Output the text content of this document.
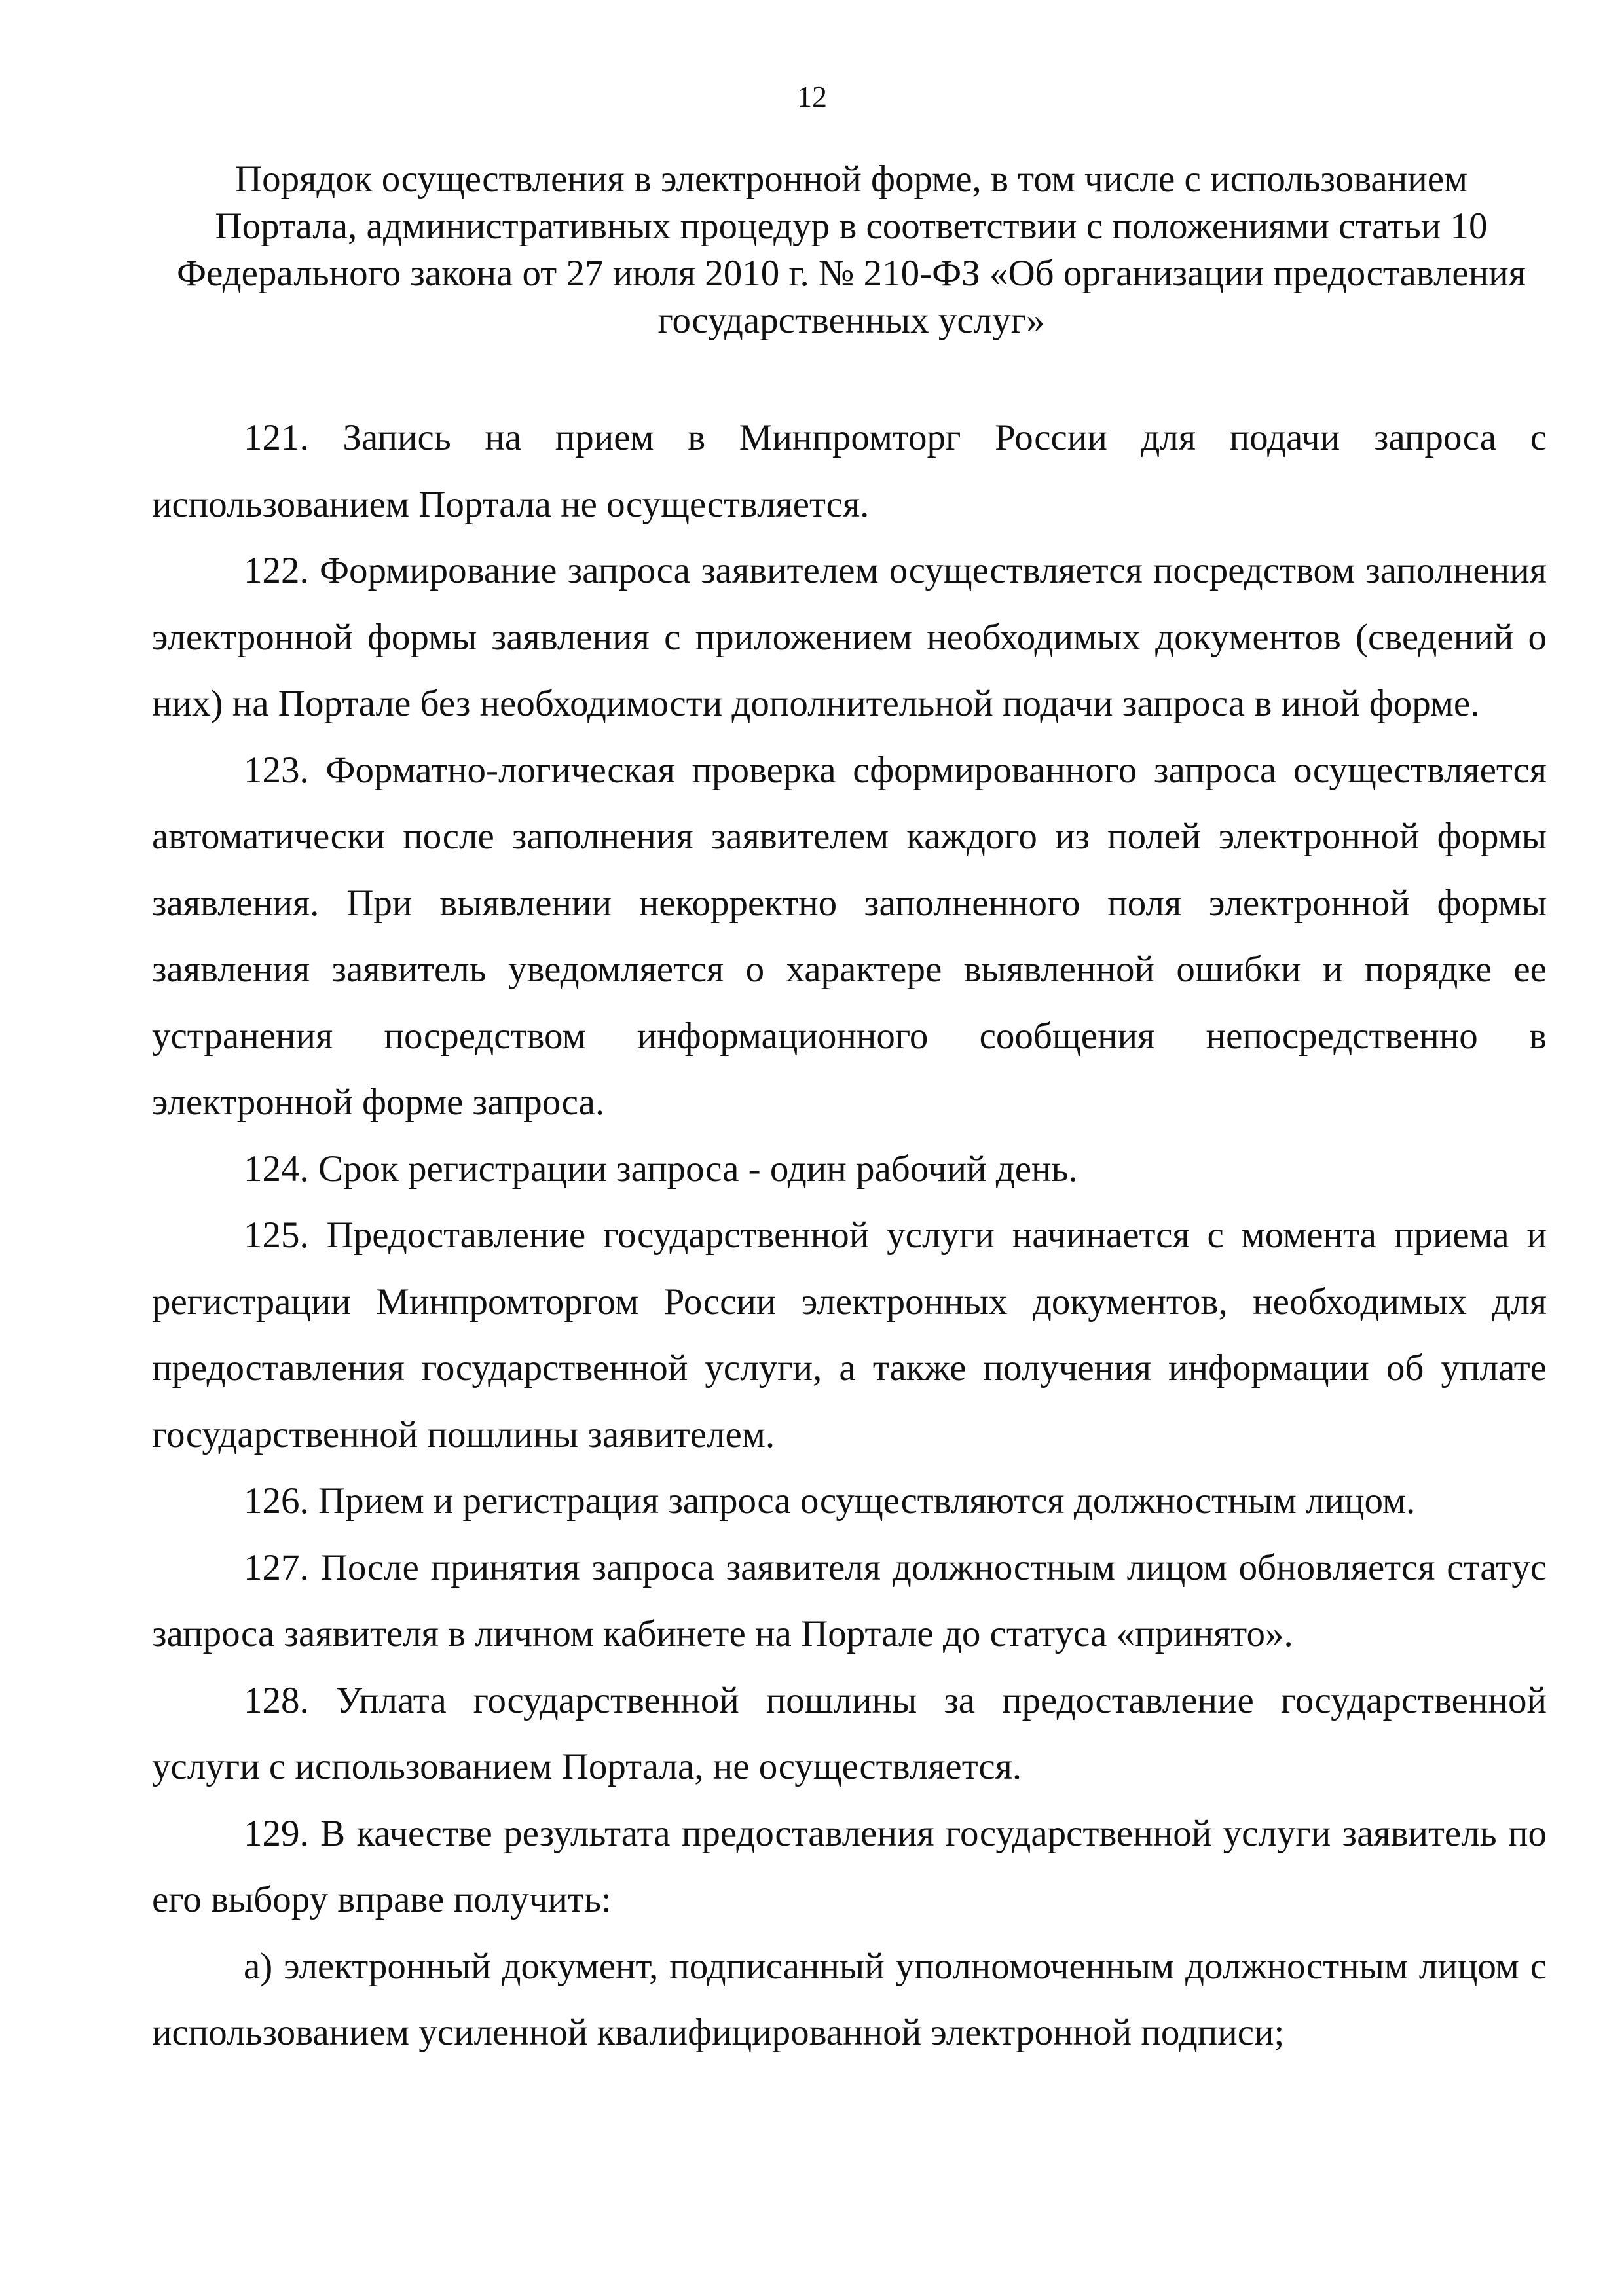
12
Порядок осуществления в электронной форме, в том числе с использованием
Портала, административных процедур в соответствии с положениями статьи 10
Федерального закона от 27 июля 2010 г. № 210-ФЗ «Об организации предоставления
государственных услуг»

121. Запись на прием в Минпромторг России для подачи запроса с использованием Портала не осуществляется.

122. Формирование запроса заявителем осуществляется посредством заполнения электронной формы заявления с приложением необходимых документов (сведений о них) на Портале без необходимости дополнительной подачи запроса в иной форме.

123. Форматно-логическая проверка сформированного запроса осуществляется автоматически после заполнения заявителем каждого из полей электронной формы заявления. При выявлении некорректно заполненного поля электронной формы заявления заявитель уведомляется о характере выявленной ошибки и порядке ее устранения посредством информационного сообщения непосредственно в электронной форме запроса.

124. Срок регистрации запроса - один рабочий день.

125. Предоставление государственной услуги начинается с момента приема и регистрации Минпромторгом России электронных документов, необходимых для предоставления государственной услуги, а также получения информации об уплате государственной пошлины заявителем.

126. Прием и регистрация запроса осуществляются должностным лицом.

127. После принятия запроса заявителя должностным лицом обновляется статус запроса заявителя в личном кабинете на Портале до статуса «принято».

128. Уплата государственной пошлины за предоставление государственной услуги с использованием Портала, не осуществляется.

129. В качестве результата предоставления государственной услуги заявитель по его выбору вправе получить:

а) электронный документ, подписанный уполномоченным должностным лицом с использованием усиленной квалифицированной электронной подписи;
